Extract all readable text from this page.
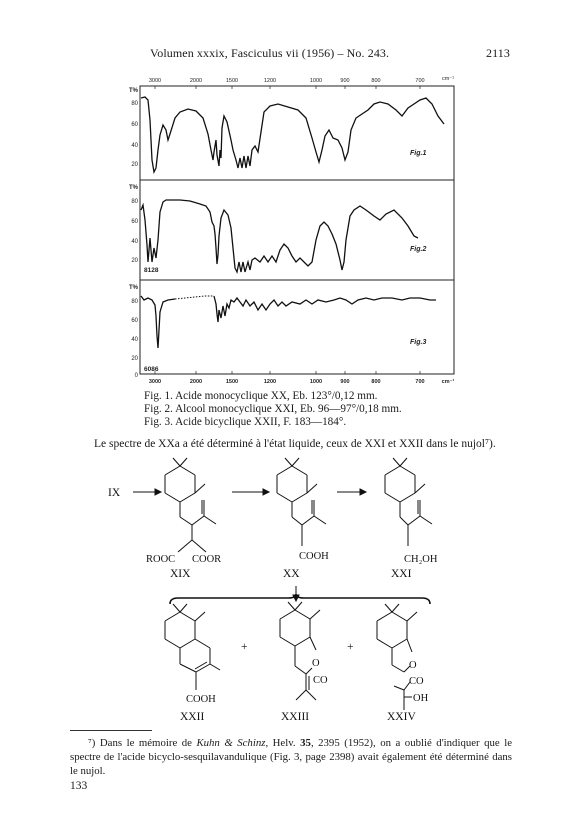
Volumen xxxix, Fasciculus vii (1956) – No. 243.	2113
3000	2000	1500	1200	1000	900	800	700	cm⁻¹
T%
80
60
40
20
T%
80
60
40
20
T%
80
60
40
20
0
Fig.1
Fig.2
Fig.3
8128
6086
3000	2000	1500	1200	1000	900	800	700	cm⁻¹
Fig. 1. Acide monocyclique XX, Eb. 123°/0,12 mm.
Fig. 2. Alcool monocyclique XXI, Eb. 96—97°/0,18 mm.
Fig. 3. Acide bicyclique XXII, F. 183—184°.
Le spectre de XXa a été déterminé à l'état liquide, ceux de XXI et XXII dans le nujol⁷).
IX
ROOC COOR
XIX
COOH
XX
CH₂OH
XXI
+	+
COOH
XXII
O
CO
XXIII
O
CO
OH
XXIV
⁷) Dans le mémoire de Kuhn & Schinz, Helv. 35, 2395 (1952), on a oublié d'indiquer que le spectre de l'acide bicyclo-sesquilavandulique (Fig. 3, page 2398) avait également été déterminé dans le nujol.
133
